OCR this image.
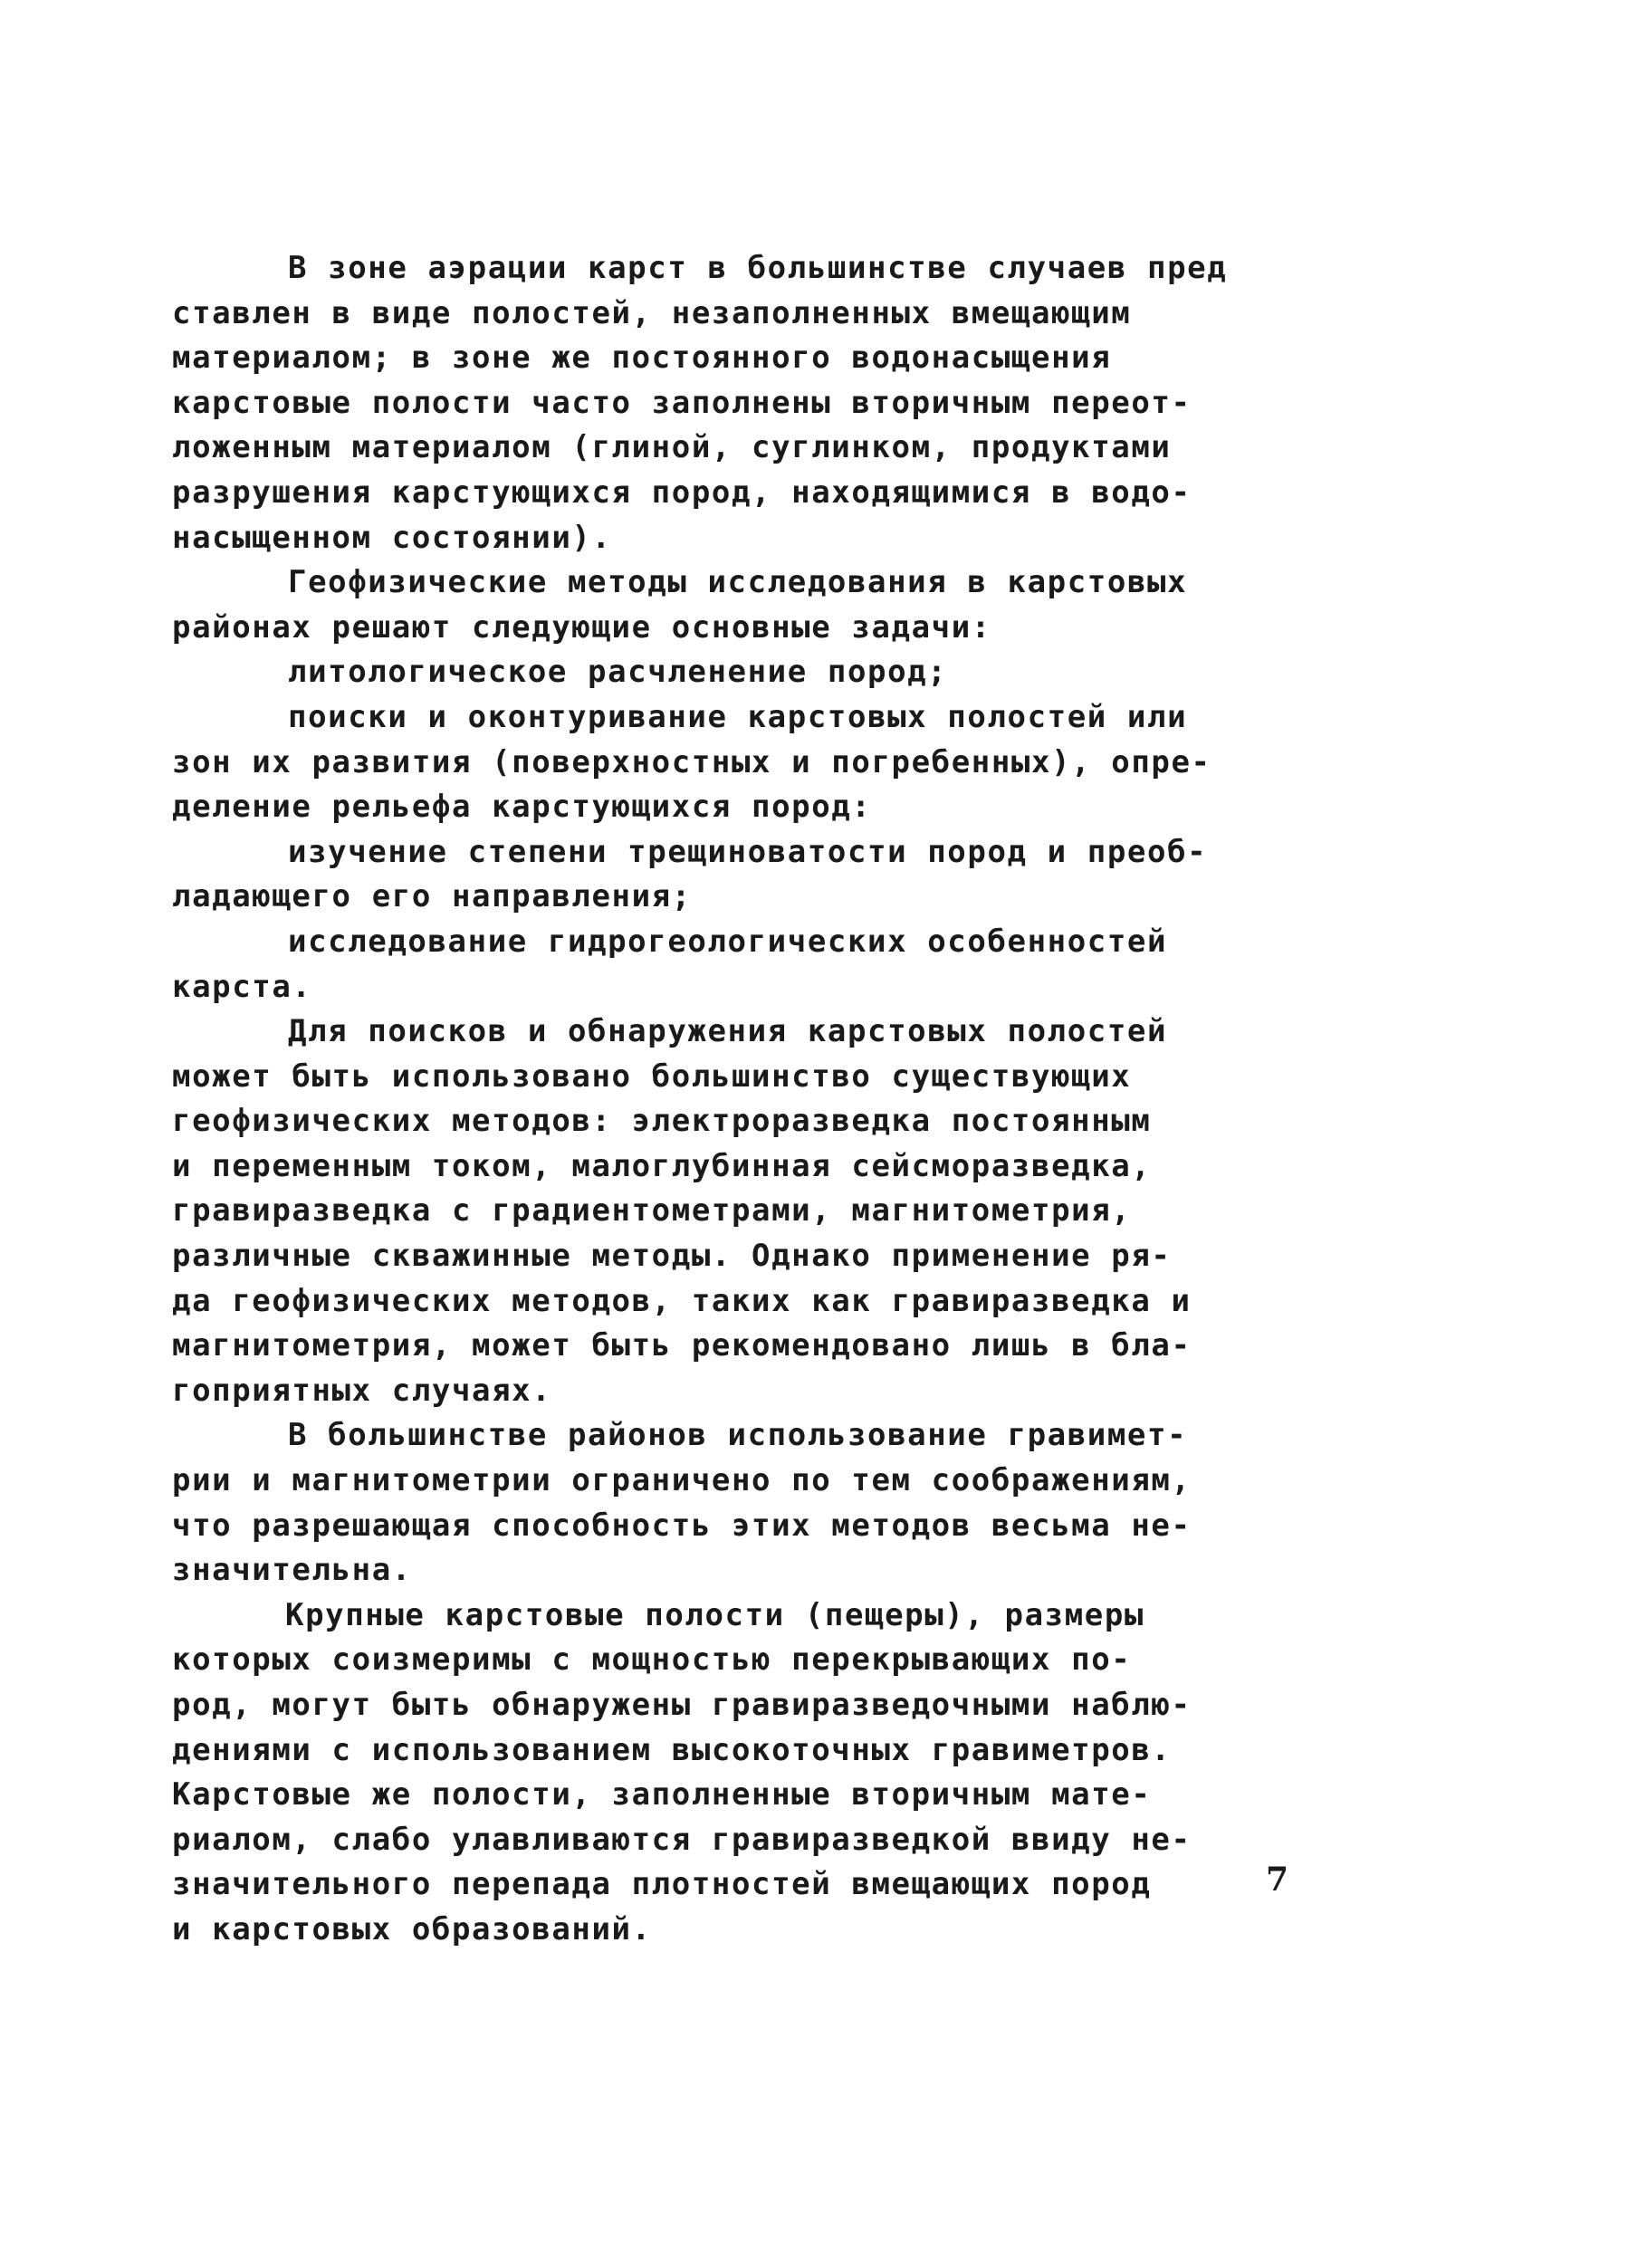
В зоне аэрации карст в большинстве случаев пред
ставлен в виде полостей, незаполненных вмещающим
материалом; в зоне же постоянного водонасыщения
карстовые полости часто заполнены вторичным переот-
ложенным материалом (глиной, суглинком, продуктами
разрушения карстующихся пород, находящимися в водо-
насыщенном состоянии).
Геофизические методы исследования в карстовых
районах решают следующие основные задачи:
литологическое расчленение пород;
поиски и оконтуривание карстовых полостей или
зон их развития (поверхностных и погребенных), опре-
деление рельефа карстующихся пород:
изучение степени трещиноватости пород и преоб-
ладающего его направления;
исследование гидрогеологических особенностей
карста.
Для поисков и обнаружения карстовых полостей
может быть использовано большинство существующих
геофизических методов: электроразведка постоянным
и переменным током, малоглубинная сейсморазведка,
гравиразведка с градиентометрами, магнитометрия,
различные скважинные методы. Однако применение ря-
да геофизических методов, таких как гравиразведка и
магнитометрия, может быть рекомендовано лишь в бла-
гоприятных случаях.
В большинстве районов использование гравимет-
рии и магнитометрии ограничено по тем соображениям,
что разрешающая способность этих методов весьма не-
значительна.
Крупные карстовые полости (пещеры), размеры
которых соизмеримы с мощностью перекрывающих по-
род, могут быть обнаружены гравиразведочными наблю-
дениями с использованием высокоточных гравиметров.
Карстовые же полости, заполненные вторичным мате-
риалом, слабо улавливаются гравиразведкой ввиду не-
значительного перепада плотностей вмещающих пород
и карстовых образований.
7
